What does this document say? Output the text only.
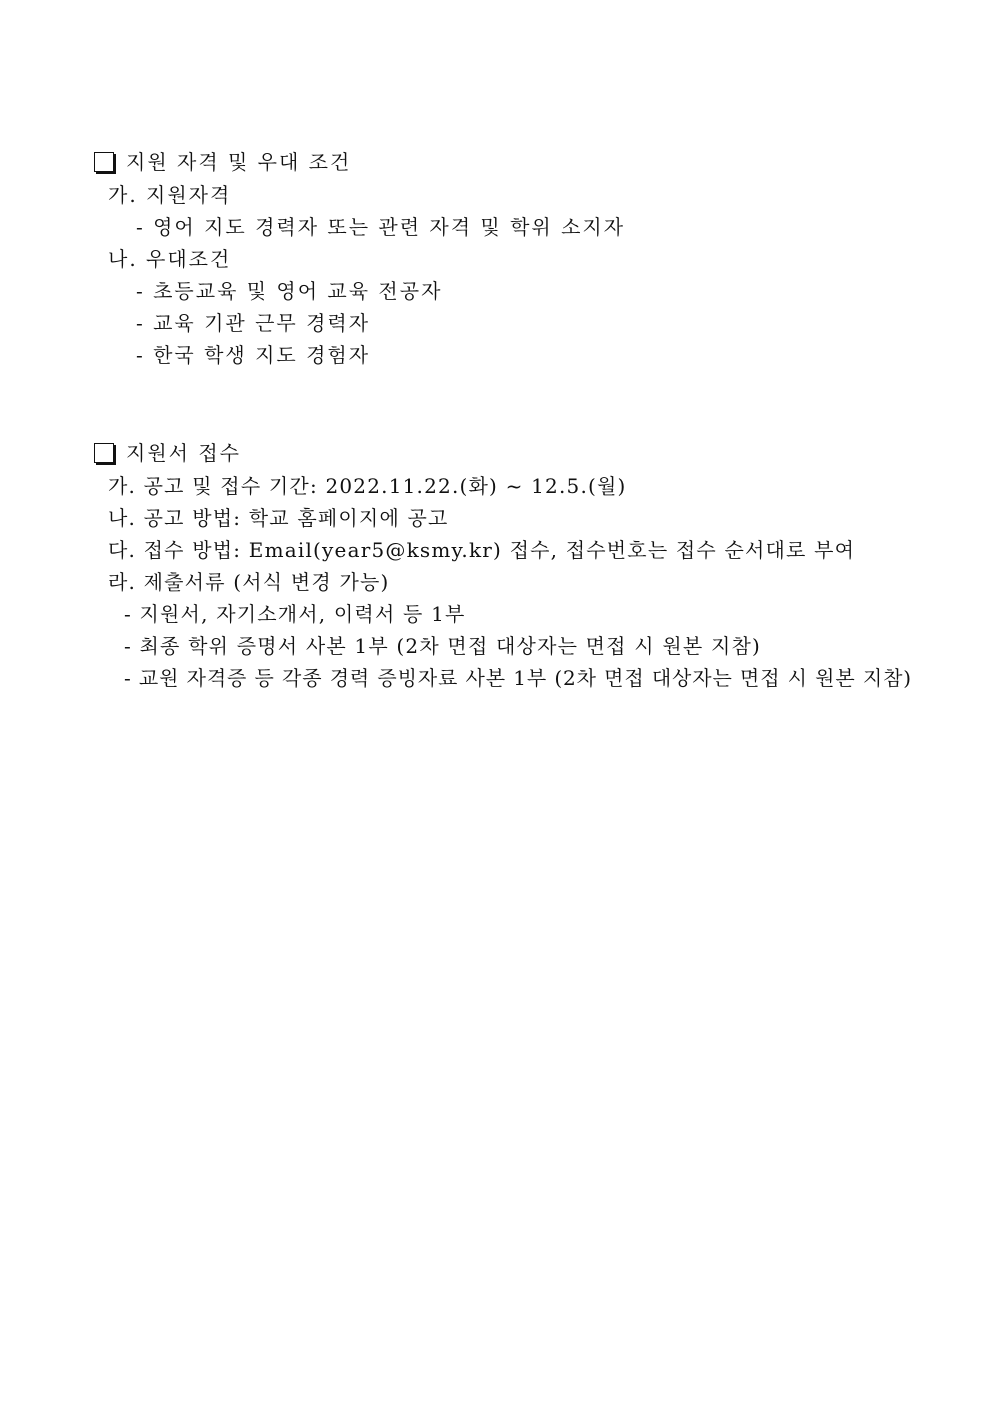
지원 자격 및 우대 조건
가. 지원자격
- 영어 지도 경력자 또는 관련 자격 및 학위 소지자
나. 우대조건
- 초등교육 및 영어 교육 전공자
- 교육 기관 근무 경력자
- 한국 학생 지도 경험자
지원서 접수
가. 공고 및 접수 기간: 2022.11.22.(화) ~ 12.5.(월)
나. 공고 방법: 학교 홈페이지에 공고
다. 접수 방법: Email(year5@ksmy.kr) 접수, 접수번호는 접수 순서대로 부여
라. 제출서류 (서식 변경 가능)
- 지원서, 자기소개서, 이력서 등 1부
- 최종 학위 증명서 사본 1부 (2차 면접 대상자는 면접 시 원본 지참)
- 교원 자격증 등 각종 경력 증빙자료 사본 1부 (2차 면접 대상자는 면접 시 원본 지참)
